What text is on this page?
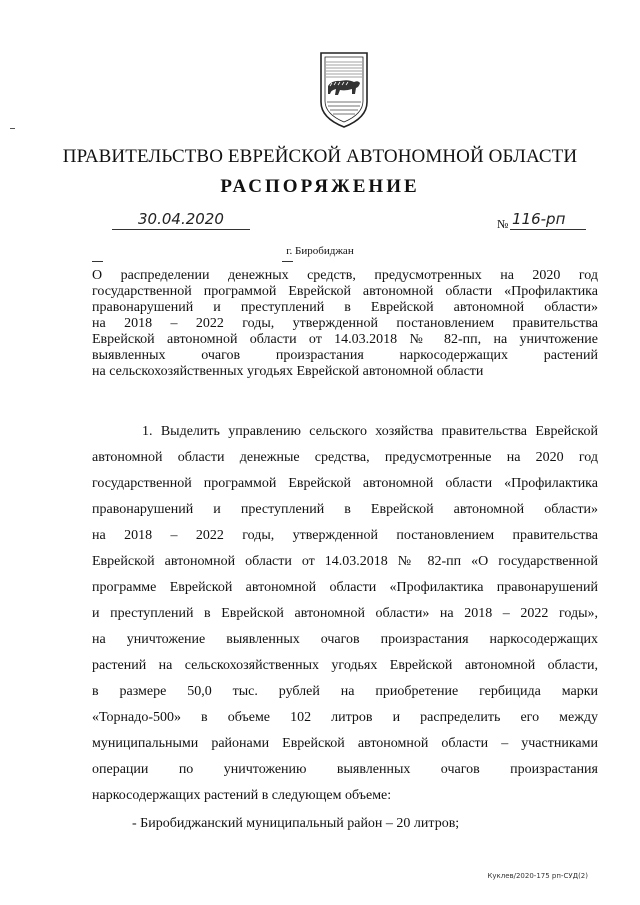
ПРАВИТЕЛЬСТВО ЕВРЕЙСКОЙ АВТОНОМНОЙ ОБЛАСТИ
РАСПОРЯЖЕНИЕ
30.04.2020	№ 116-рп
г. Биробиджан
О распределении денежных средств, предусмотренных на 2020 год
государственной программой Еврейской автономной области «Профилактика
правонарушений и преступлений в Еврейской автономной области»
на 2018 – 2022 годы, утвержденной постановлением правительства
Еврейской автономной области от 14.03.2018 № 82-пп, на уничтожение
выявленных очагов произрастания наркосодержащих растений
на сельскохозяйственных угодьях Еврейской автономной области
1. Выделить управлению сельского хозяйства правительства Еврейской
автономной области денежные средства, предусмотренные на 2020 год
государственной программой Еврейской автономной области «Профилактика
правонарушений и преступлений в Еврейской автономной области»
на 2018 – 2022 годы, утвержденной постановлением правительства
Еврейской автономной области от 14.03.2018 № 82-пп «О государственной
программе Еврейской автономной области «Профилактика правонарушений
и преступлений в Еврейской автономной области» на 2018 – 2022 годы»,
на уничтожение выявленных очагов произрастания наркосодержащих
растений на сельскохозяйственных угодьях Еврейской автономной области,
в размере 50,0 тыс. рублей на приобретение гербицида марки
«Торнадо-500» в объеме 102 литров и распределить его между
муниципальными районами Еврейской автономной области – участниками
операции по уничтожению выявленных очагов произрастания
наркосодержащих растений в следующем объеме:
- Биробиджанский муниципальный район – 20 литров;
Куклев/2020-175 рп-СУД(2)
